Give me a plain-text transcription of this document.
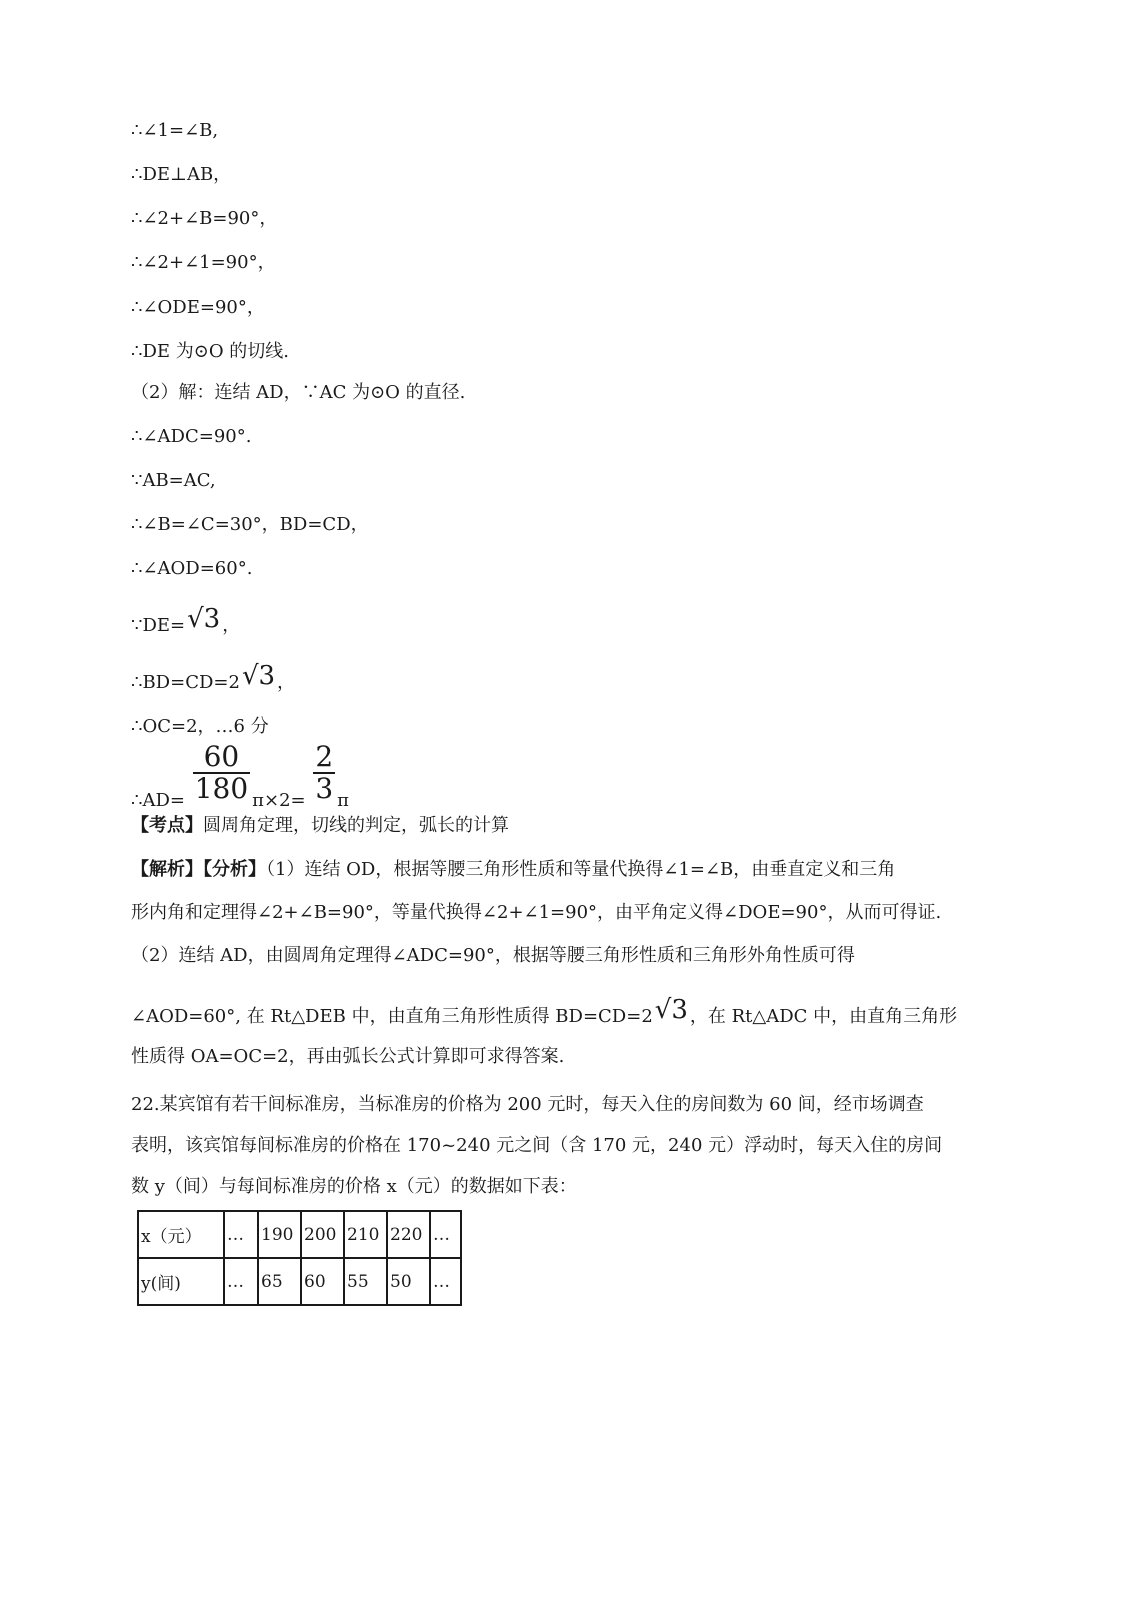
∴∠1=∠B,
∴DE⊥AB，
∴∠2+∠B=90°，
∴∠2+∠1=90°，
∴∠ODE=90°，
∴DE 为⊙O 的切线.
（2）解：连结 AD，∵AC 为⊙O 的直径.
∴∠ADC=90°.
∵AB=AC,
∴∠B=∠C=30°，BD=CD，
∴∠AOD=60°.
∵DE=√3 ，
∴BD=CD=2√3 ，
∴OC=2，…6 分
∴AD= $\frac{60}{180} \pi\times 2= \frac{2}{3}$ π
【考点】圆周角定理，切线的判定，弧长的计算
【解析】【分析】（1）连结 OD，根据等腰三角形性质和等量代换得∠1=∠B，由垂直定义和三角
形内角和定理得∠2+∠B=90°，等量代换得∠2+∠1=90°，由平角定义得∠DOE=90°，从而可得证.
（2）连结 AD，由圆周角定理得∠ADC=90°，根据等腰三角形性质和三角形外角性质可得
∠AOD=60°, 在 Rt△DEB 中，由直角三角形性质得 BD=CD=2√3 ，在 Rt△ADC 中，由直角三角形
性质得 OA=OC=2，再由弧长公式计算即可求得答案.
22.某宾馆有若干间标准房，当标准房的价格为 200 元时，每天入住的房间数为 60 间，经市场调查
表明，该宾馆每间标准房的价格在 170~240 元之间（含 170 元，240 元）浮动时，每天入住的房间
数 y（间）与每间标准房的价格 x（元）的数据如下表：
x（元）	…	190	200	210	220	…
y(间)	…	65	60	55	50	…
